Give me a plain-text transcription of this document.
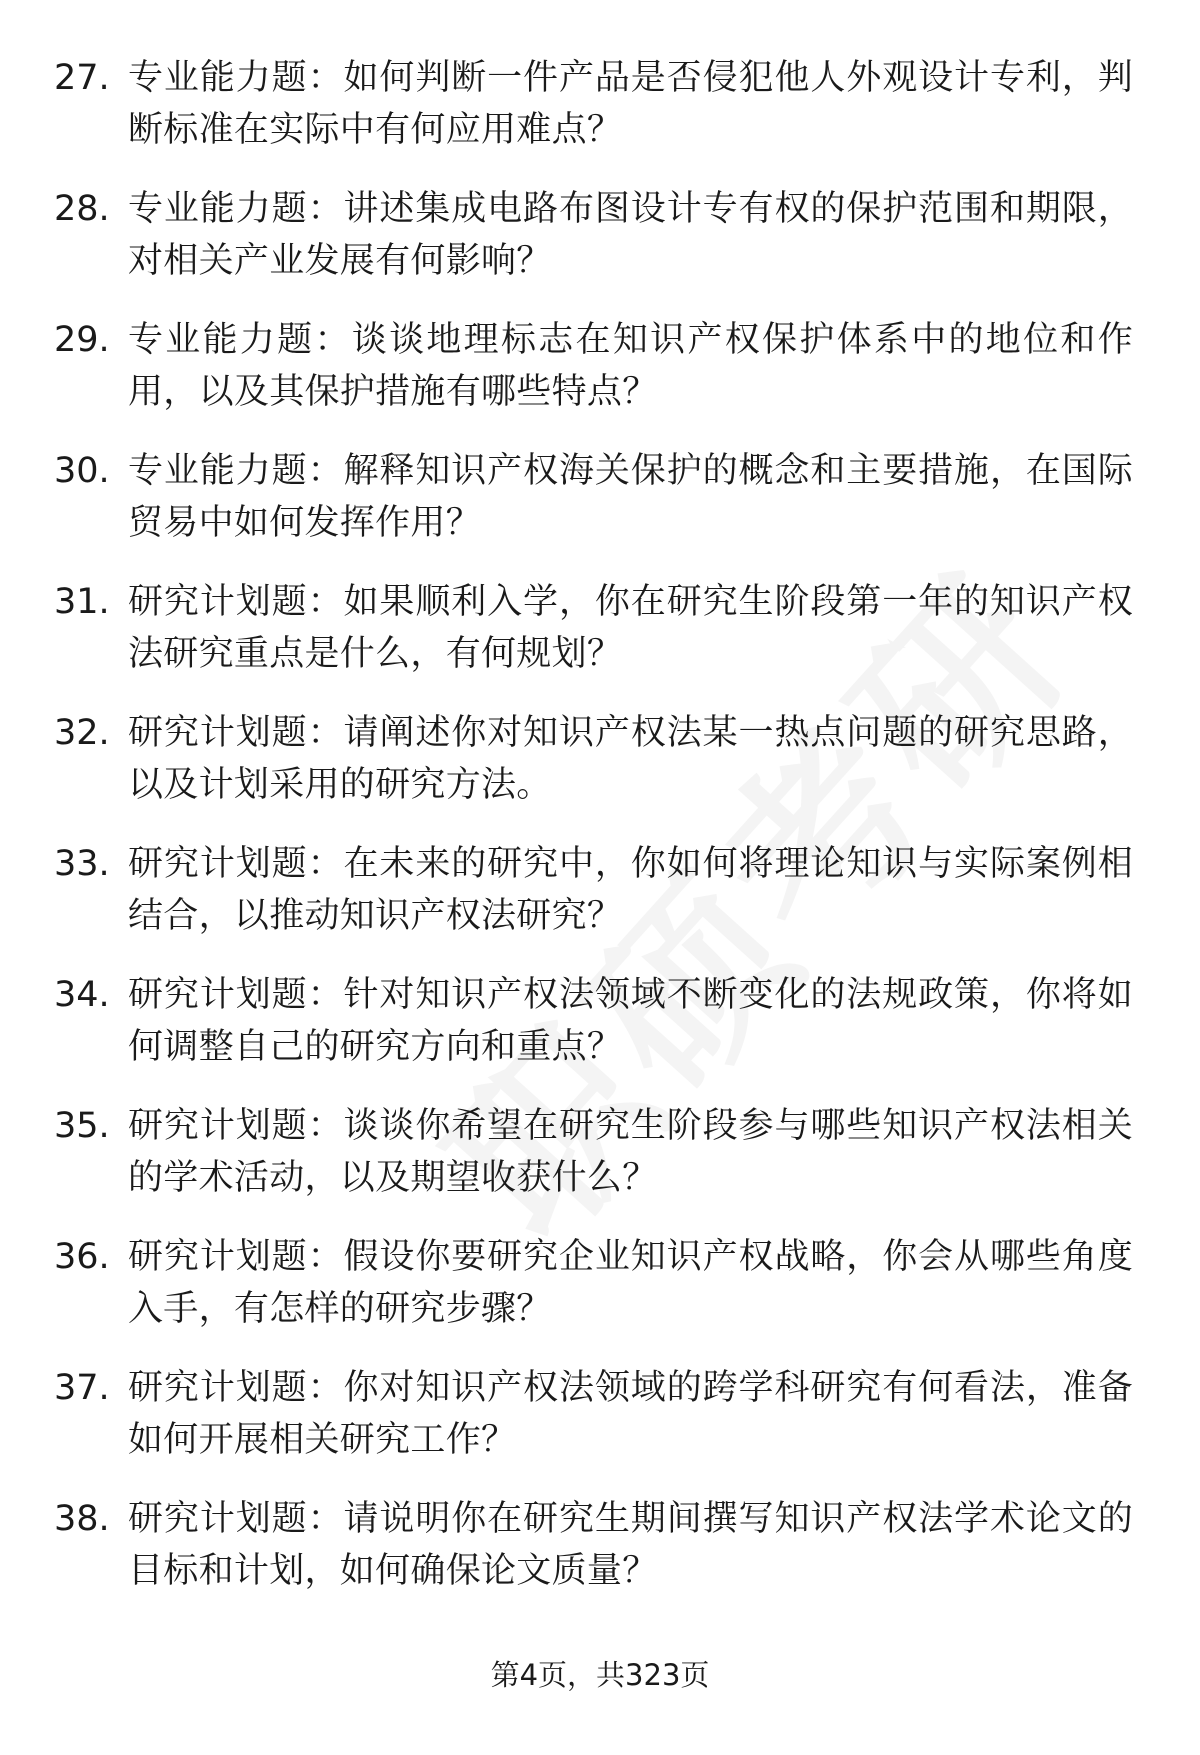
27. 专业能力题：如何判断一件产品是否侵犯他人外观设计专利，判断标准在实际中有何应用难点？
28. 专业能力题：讲述集成电路布图设计专有权的保护范围和期限，对相关产业发展有何影响？
29. 专业能力题：谈谈地理标志在知识产权保护体系中的地位和作用，以及其保护措施有哪些特点？
30. 专业能力题：解释知识产权海关保护的概念和主要措施，在国际贸易中如何发挥作用？
31. 研究计划题：如果顺利入学，你在研究生阶段第一年的知识产权法研究重点是什么，有何规划？
32. 研究计划题：请阐述你对知识产权法某一热点问题的研究思路，以及计划采用的研究方法。
33. 研究计划题：在未来的研究中，你如何将理论知识与实际案例相结合，以推动知识产权法研究？
34. 研究计划题：针对知识产权法领域不断变化的法规政策，你将如何调整自己的研究方向和重点？
35. 研究计划题：谈谈你希望在研究生阶段参与哪些知识产权法相关的学术活动，以及期望收获什么？
36. 研究计划题：假设你要研究企业知识产权战略，你会从哪些角度入手，有怎样的研究步骤？
37. 研究计划题：你对知识产权法领域的跨学科研究有何看法，准备如何开展相关研究工作？
38. 研究计划题：请说明你在研究生期间撰写知识产权法学术论文的目标和计划，如何确保论文质量？
第4页，共323页
